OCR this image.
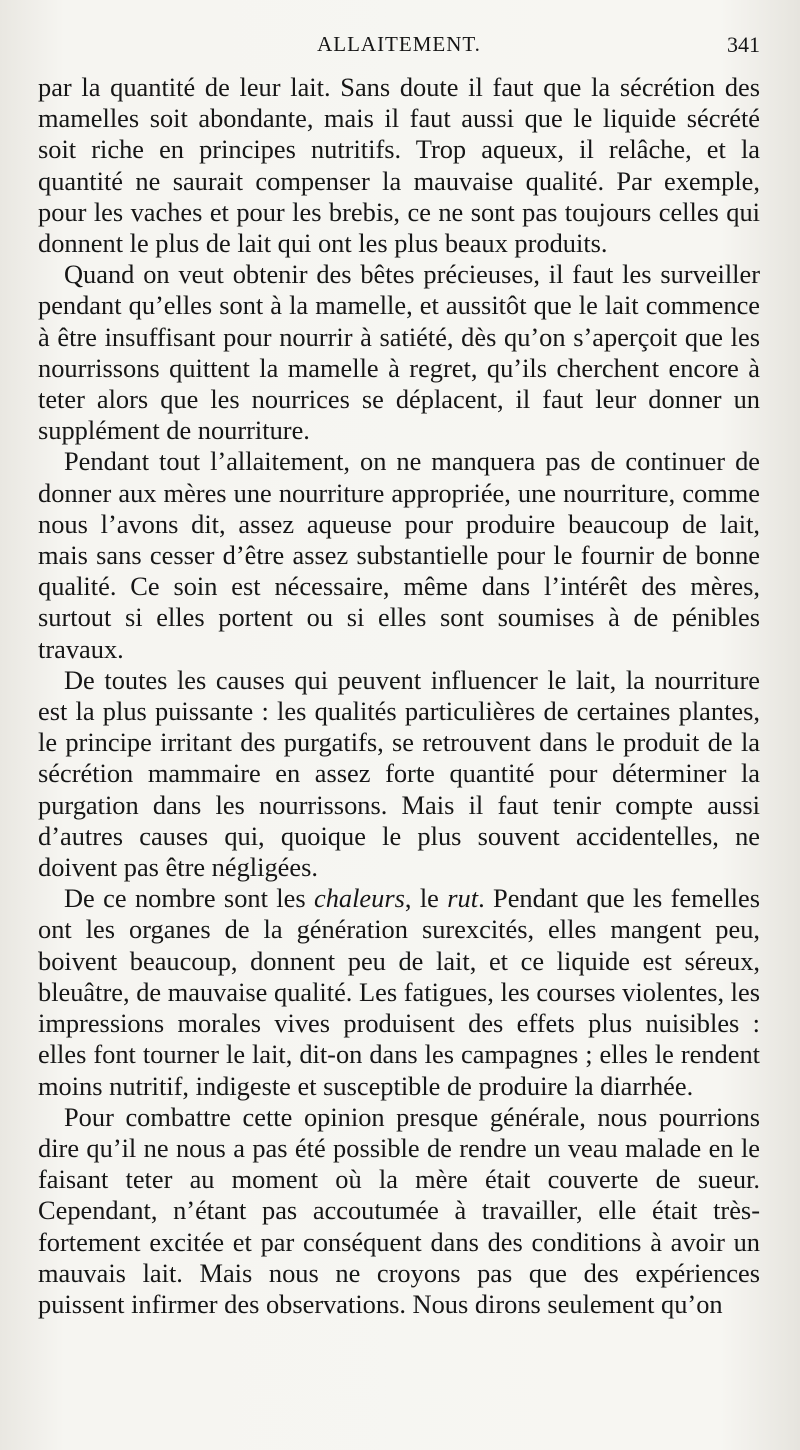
ALLAITEMENT.	341

par la quantité de leur lait. Sans doute il faut que la sécrétion des mamelles soit abondante, mais il faut aussi que le liquide sécrété soit riche en principes nutritifs. Trop aqueux, il relâche, et la quantité ne saurait compenser la mauvaise qualité. Par exemple, pour les vaches et pour les brebis, ce ne sont pas toujours celles qui donnent le plus de lait qui ont les plus beaux produits.

Quand on veut obtenir des bêtes précieuses, il faut les surveiller pendant qu’elles sont à la mamelle, et aussitôt que le lait commence à être insuffisant pour nourrir à satiété, dès qu’on s’aperçoit que les nourrissons quittent la mamelle à regret, qu’ils cherchent encore à teter alors que les nourrices se déplacent, il faut leur donner un supplément de nourriture.

Pendant tout l’allaitement, on ne manquera pas de continuer de donner aux mères une nourriture appropriée, une nourriture, comme nous l’avons dit, assez aqueuse pour produire beaucoup de lait, mais sans cesser d’être assez substantielle pour le fournir de bonne qualité. Ce soin est nécessaire, même dans l’intérêt des mères, surtout si elles portent ou si elles sont soumises à de pénibles travaux.

De toutes les causes qui peuvent influencer le lait, la nourriture est la plus puissante : les qualités particulières de certaines plantes, le principe irritant des purgatifs, se retrouvent dans le produit de la sécrétion mammaire en assez forte quantité pour déterminer la purgation dans les nourrissons. Mais il faut tenir compte aussi d’autres causes qui, quoique le plus souvent accidentelles, ne doivent pas être négligées.

De ce nombre sont les chaleurs, le rut. Pendant que les femelles ont les organes de la génération surexcités, elles mangent peu, boivent beaucoup, donnent peu de lait, et ce liquide est séreux, bleuâtre, de mauvaise qualité. Les fatigues, les courses violentes, les impressions morales vives produisent des effets plus nuisibles : elles font tourner le lait, dit-on dans les campagnes ; elles le rendent moins nutritif, indigeste et susceptible de produire la diarrhée.

Pour combattre cette opinion presque générale, nous pourrions dire qu’il ne nous a pas été possible de rendre un veau malade en le faisant teter au moment où la mère était couverte de sueur. Cependant, n’étant pas accoutumée à travailler, elle était très-fortement excitée et par conséquent dans des conditions à avoir un mauvais lait. Mais nous ne croyons pas que des expériences puissent infirmer des observations. Nous dirons seulement qu’on
